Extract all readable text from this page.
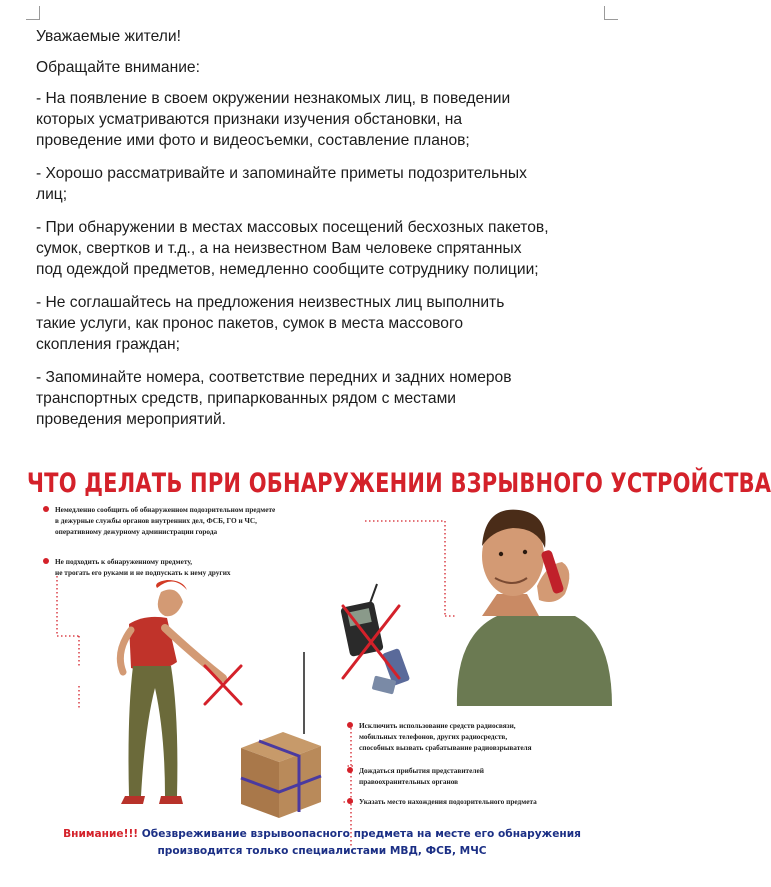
Уважаемые жители!

Обращайте внимание:

- На появление в своем окружении незнакомых лиц, в поведении
которых усматриваются признаки изучения обстановки, на
проведение ими фото и видеосъемки, составление планов;

- Хорошо рассматривайте и запоминайте приметы подозрительных
лиц;

- При обнаружении в местах массовых посещений бесхозных пакетов,
сумок, свертков и т.д., а на неизвестном Вам человеке спрятанных
под одеждой предметов, немедленно сообщите сотруднику полиции;

- Не соглашайтесь на предложения неизвестных лиц выполнить
такие услуги, как пронос пакетов, сумок в места массового
скопления граждан;

- Запоминайте номера, соответствие передних и задних номеров
транспортных средств, припаркованных рядом с местами
проведения мероприятий.

ЧТО ДЕЛАТЬ ПРИ ОБНАРУЖЕНИИ ВЗРЫВНОГО УСТРОЙСТВА
Немедленно сообщить об обнаруженном подозрительном предмете
в дежурные службы органов внутренних дел, ФСБ, ГО и ЧС,
оперативному дежурному администрации города
Не подходить к обнаруженному предмету,
не трогать его руками и не подпускать к нему других
Исключить использование средств радиосвязи,
мобильных телефонов, других радиосредств,
способных вызвать срабатывание радиовзрывателя
Дождаться прибытия представителей
правоохранительных органов
Указать место нахождения подозрительного предмета
Внимание!!! Обезвреживание взрывоопасного предмета на месте его обнаружения
производится только специалистами МВД, ФСБ, МЧС
